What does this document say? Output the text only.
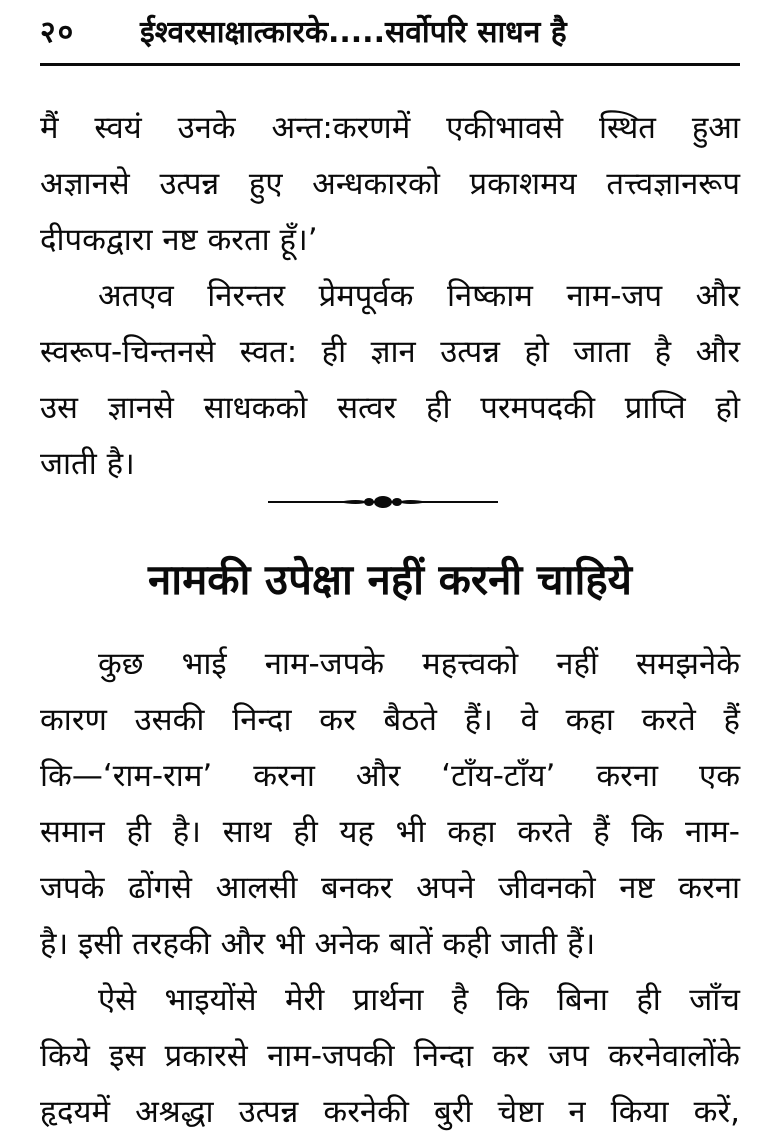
२० ईश्वरसाक्षात्कारके.....सर्वोपरि साधन है
मैं स्वयं उनके अन्त:करणमें एकीभावसे स्थित हुआ
अज्ञानसे उत्पन्न हुए अन्धकारको प्रकाशमय तत्त्वज्ञानरूप
दीपकद्वारा नष्ट करता हूँ।’
अतएव निरन्तर प्रेमपूर्वक निष्काम नाम-जप और
स्वरूप-चिन्तनसे स्वत: ही ज्ञान उत्पन्न हो जाता है और
उस ज्ञानसे साधकको सत्वर ही परमपदकी प्राप्ति हो
जाती है।
नामकी उपेक्षा नहीं करनी चाहिये
कुछ भाई नाम-जपके महत्त्वको नहीं समझनेके
कारण उसकी निन्दा कर बैठते हैं। वे कहा करते हैं
कि—‘राम-राम’ करना और ‘टाँय-टाँय’ करना एक
समान ही है। साथ ही यह भी कहा करते हैं कि नाम-
जपके ढोंगसे आलसी बनकर अपने जीवनको नष्ट करना
है। इसी तरहकी और भी अनेक बातें कही जाती हैं।
ऐसे भाइयोंसे मेरी प्रार्थना है कि बिना ही जाँच
किये इस प्रकारसे नाम-जपकी निन्दा कर जप करनेवालोंके
हृदयमें अश्रद्धा उत्पन्न करनेकी बुरी चेष्टा न किया करें,
